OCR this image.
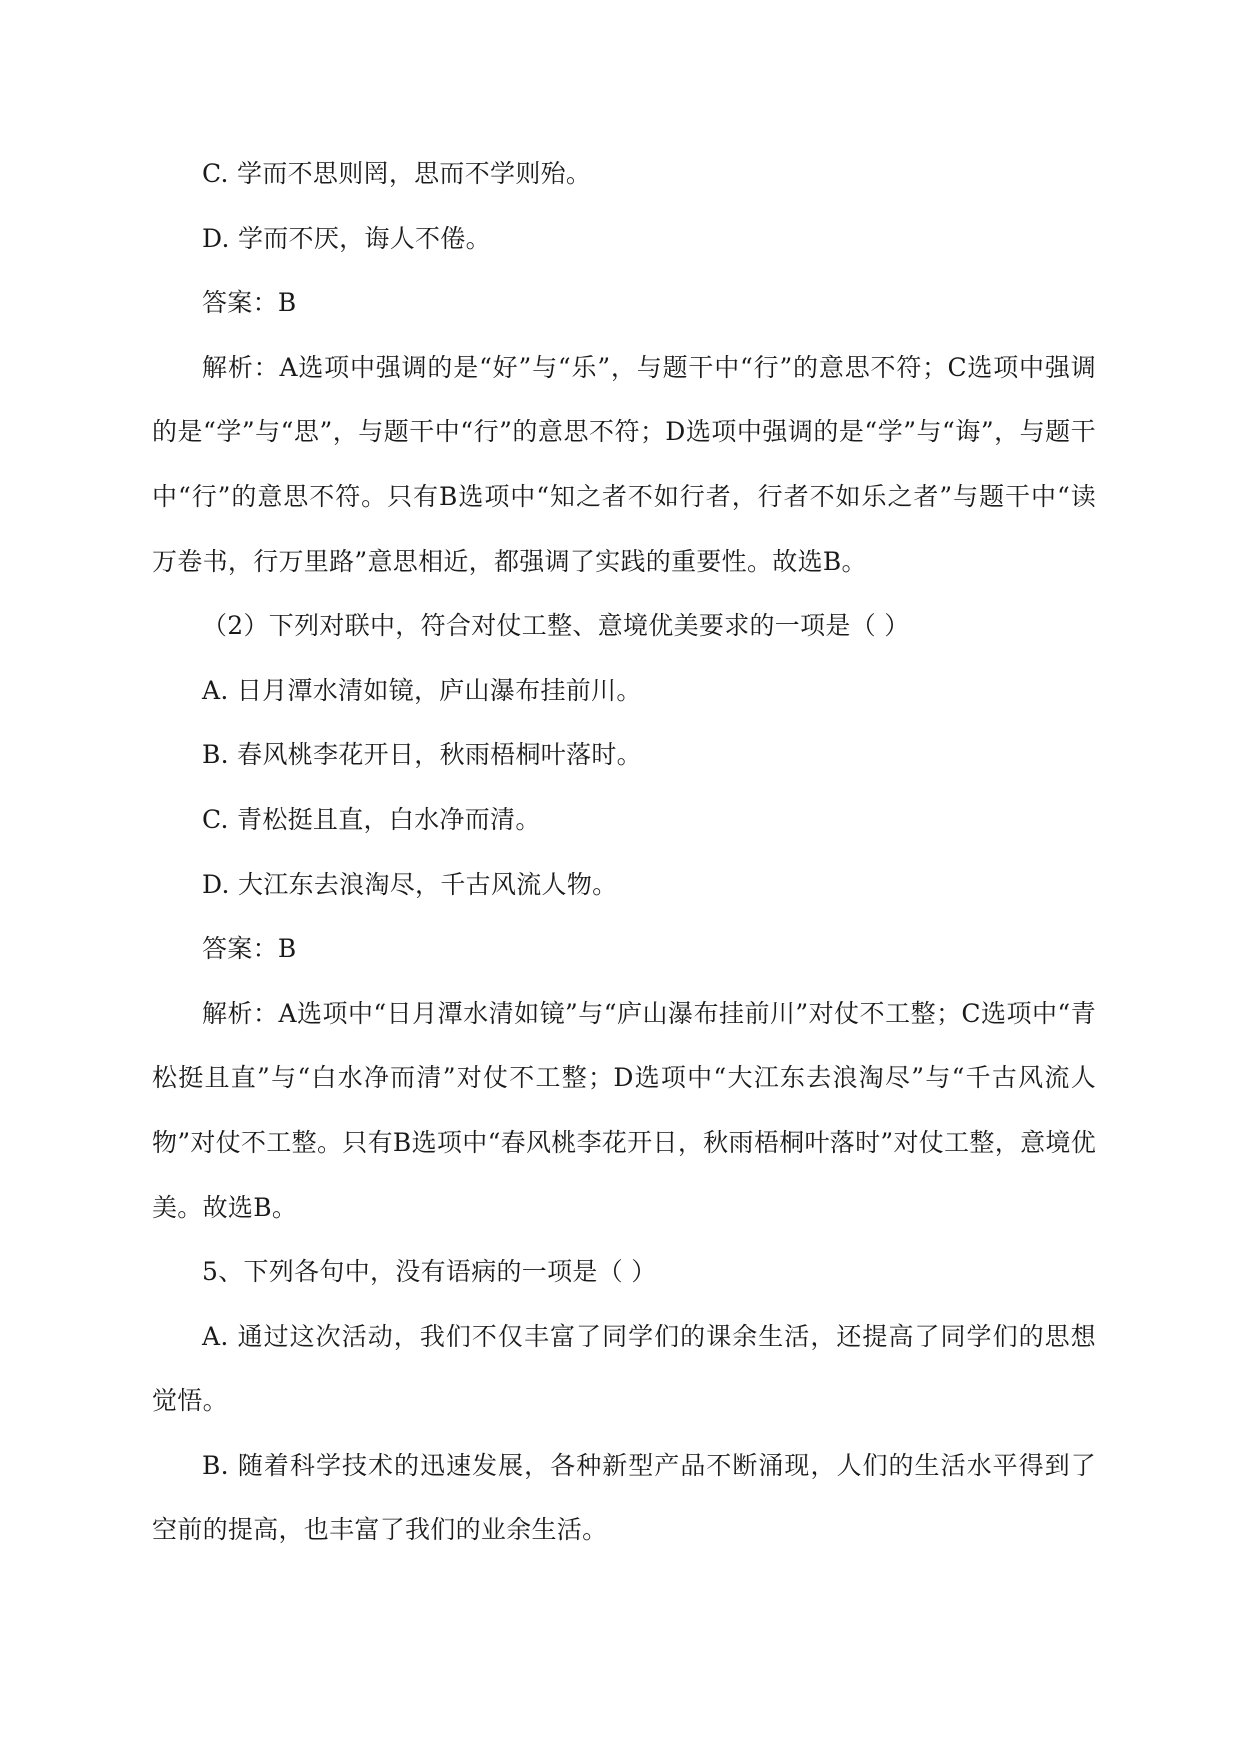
C. 学而不思则罔，思而不学则殆。

D. 学而不厌，诲人不倦。

答案：B

解析：A选项中强调的是“好”与“乐”，与题干中“行”的意思不符；C选项中强调的是“学”与“思”，与题干中“行”的意思不符；D选项中强调的是“学”与“诲”，与题干中“行”的意思不符。只有B选项中“知之者不如行者，行者不如乐之者”与题干中“读万卷书，行万里路”意思相近，都强调了实践的重要性。故选B。

（2）下列对联中，符合对仗工整、意境优美要求的一项是（ ）

A. 日月潭水清如镜，庐山瀑布挂前川。

B. 春风桃李花开日，秋雨梧桐叶落时。

C. 青松挺且直，白水净而清。

D. 大江东去浪淘尽，千古风流人物。

答案：B

解析：A选项中“日月潭水清如镜”与“庐山瀑布挂前川”对仗不工整；C选项中“青松挺且直”与“白水净而清”对仗不工整；D选项中“大江东去浪淘尽”与“千古风流人物”对仗不工整。只有B选项中“春风桃李花开日，秋雨梧桐叶落时”对仗工整，意境优美。故选B。

5、下列各句中，没有语病的一项是（ ）

A. 通过这次活动，我们不仅丰富了同学们的课余生活，还提高了同学们的思想觉悟。

B. 随着科学技术的迅速发展，各种新型产品不断涌现，人们的生活水平得到了空前的提高，也丰富了我们的业余生活。
